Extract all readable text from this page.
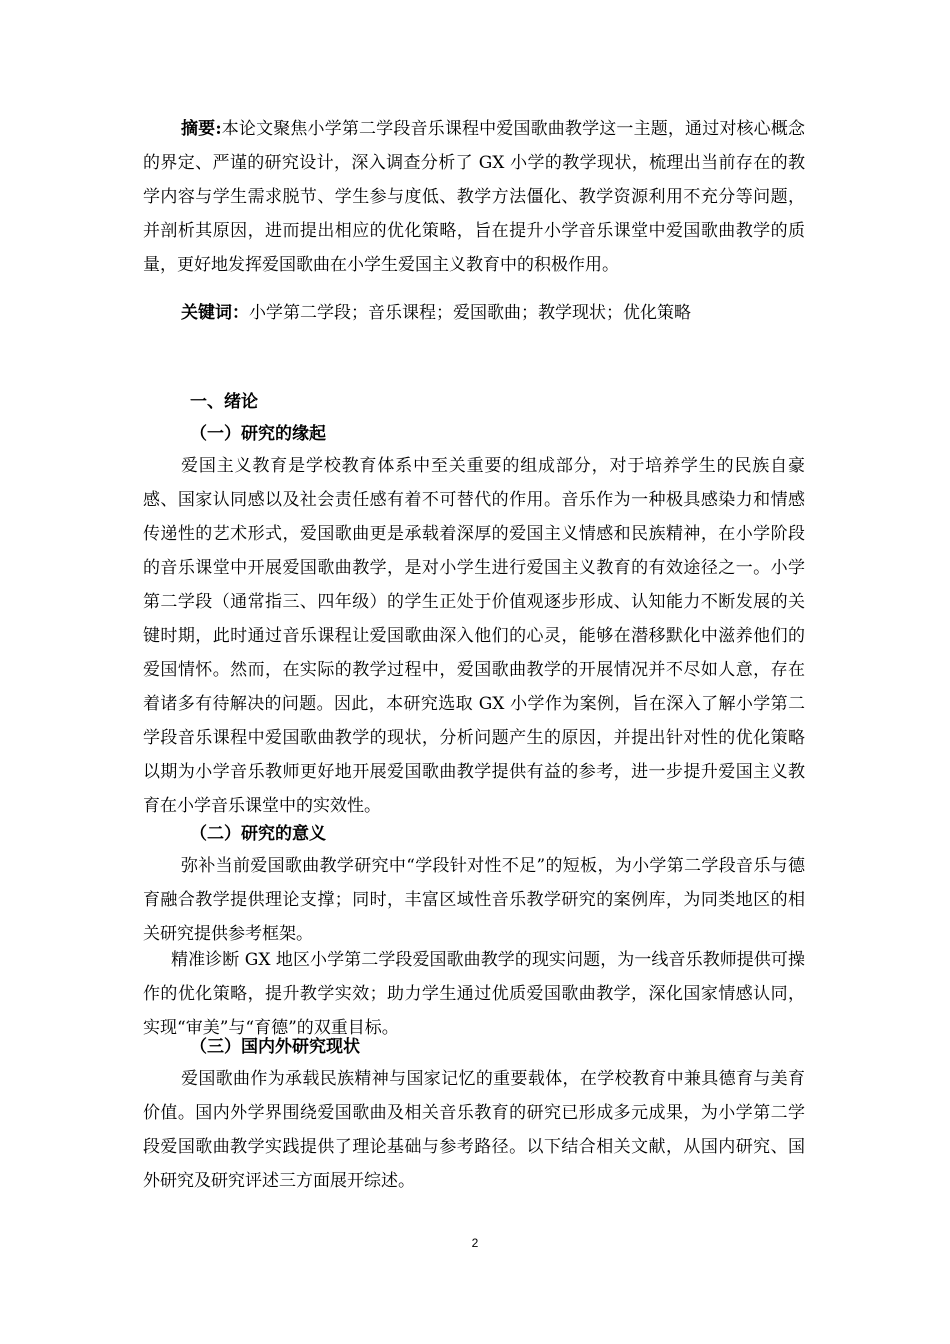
摘要:本论文聚焦小学第二学段音乐课程中爱国歌曲教学这一主题，通过对核心概念的界定、严谨的研究设计，深入调查分析了 GX 小学的教学现状，梳理出当前存在的教学内容与学生需求脱节、学生参与度低、教学方法僵化、教学资源利用不充分等问题，并剖析其原因，进而提出相应的优化策略，旨在提升小学音乐课堂中爱国歌曲教学的质量，更好地发挥爱国歌曲在小学生爱国主义教育中的积极作用。
关键词：小学第二学段；音乐课程；爱国歌曲；教学现状；优化策略
一、绪论
（一）研究的缘起
爱国主义教育是学校教育体系中至关重要的组成部分，对于培养学生的民族自豪感、国家认同感以及社会责任感有着不可替代的作用。音乐作为一种极具感染力和情感传递性的艺术形式，爱国歌曲更是承载着深厚的爱国主义情感和民族精神，在小学阶段的音乐课堂中开展爱国歌曲教学，是对小学生进行爱国主义教育的有效途径之一。小学第二学段（通常指三、四年级）的学生正处于价值观逐步形成、认知能力不断发展的关键时期，此时通过音乐课程让爱国歌曲深入他们的心灵，能够在潜移默化中滋养他们的爱国情怀。然而，在实际的教学过程中，爱国歌曲教学的开展情况并不尽如人意，存在着诸多有待解决的问题。因此，本研究选取 GX 小学作为案例，旨在深入了解小学第二学段音乐课程中爱国歌曲教学的现状，分析问题产生的原因，并提出针对性的优化策略以期为小学音乐教师更好地开展爱国歌曲教学提供有益的参考，进一步提升爱国主义教育在小学音乐课堂中的实效性。
（二）研究的意义
弥补当前爱国歌曲教学研究中“学段针对性不足”的短板，为小学第二学段音乐与德育融合教学提供理论支撑；同时，丰富区域性音乐教学研究的案例库，为同类地区的相关研究提供参考框架。
精准诊断 GX 地区小学第二学段爱国歌曲教学的现实问题，为一线音乐教师提供可操作的优化策略，提升教学实效；助力学生通过优质爱国歌曲教学，深化国家情感认同，实现“审美”与“育德”的双重目标。
（三）国内外研究现状
爱国歌曲作为承载民族精神与国家记忆的重要载体，在学校教育中兼具德育与美育价值。国内外学界围绕爱国歌曲及相关音乐教育的研究已形成多元成果，为小学第二学段爱国歌曲教学实践提供了理论基础与参考路径。以下结合相关文献，从国内研究、国外研究及研究评述三方面展开综述。
2
